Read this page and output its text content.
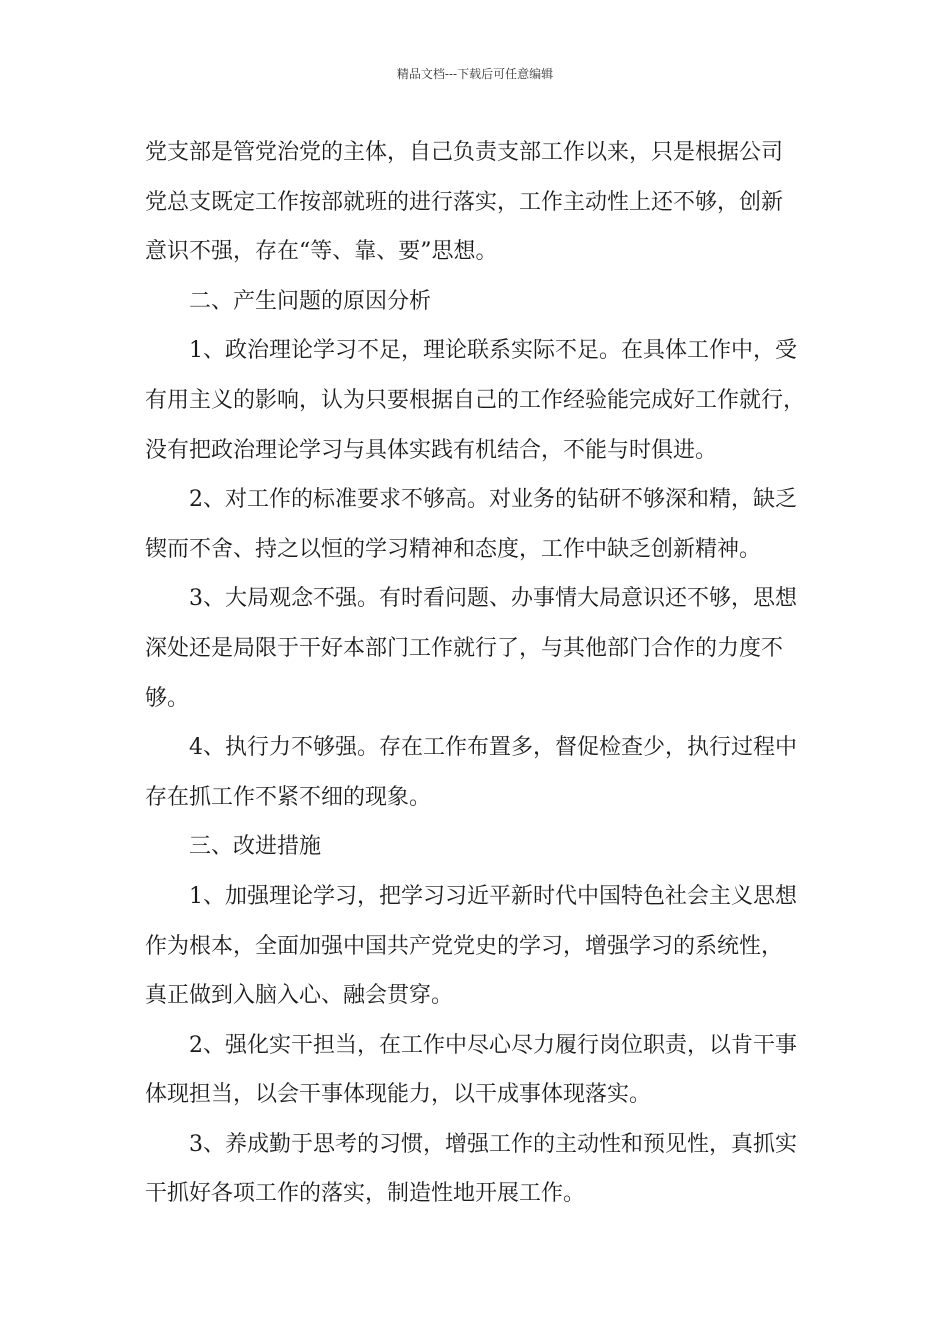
精品文档---下载后可任意编辑

党支部是管党治党的主体，自己负责支部工作以来，只是根据公司
党总支既定工作按部就班的进行落实，工作主动性上还不够，创新
意识不强，存在“等、靠、要”思想。

二、产生问题的原因分析

1、政治理论学习不足，理论联系实际不足。在具体工作中，受
有用主义的影响，认为只要根据自己的工作经验能完成好工作就行，
没有把政治理论学习与具体实践有机结合，不能与时俱进。

2、对工作的标准要求不够高。对业务的钻研不够深和精，缺乏
锲而不舍、持之以恒的学习精神和态度，工作中缺乏创新精神。

3、大局观念不强。有时看问题、办事情大局意识还不够，思想
深处还是局限于干好本部门工作就行了，与其他部门合作的力度不
够。

4、执行力不够强。存在工作布置多，督促检查少，执行过程中
存在抓工作不紧不细的现象。

三、改进措施

1、加强理论学习，把学习习近平新时代中国特色社会主义思想
作为根本，全面加强中国共产党党史的学习，增强学习的系统性，
真正做到入脑入心、融会贯穿。

2、强化实干担当，在工作中尽心尽力履行岗位职责，以肯干事
体现担当，以会干事体现能力，以干成事体现落实。

3、养成勤于思考的习惯，增强工作的主动性和预见性，真抓实
干抓好各项工作的落实，制造性地开展工作。
